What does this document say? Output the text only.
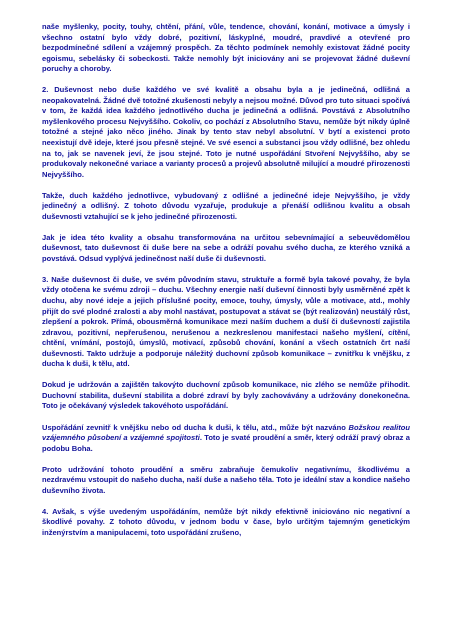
naše myšlenky, pocity, touhy, chtění, přání, vůle, tendence, chování, konání, motivace a úmysly i všechno ostatní bylo vždy dobré, pozitivní, láskyplné, moudré, pravdivé a otevřené pro bezpodmínečné sdílení a vzájemný prospěch. Za těchto podmínek nemohly existovat žádné pocity egoismu, sebelásky či sobeckosti. Takže nemohly být iniciovány ani se projevovat žádné duševní poruchy a choroby.

2. Duševnost nebo duše každého ve své kvalitě a obsahu byla a je jedinečná, odlišná a neopakovatelná. Žádné dvě totožné zkušenosti nebyly a nejsou možné. Důvod pro tuto situaci spočívá v tom, že každá idea každého jednotlivého ducha je jedinečná a odlišná. Povstává z Absolutního myšlenkového procesu Nejvyššího. Cokoliv, co pochází z Absolutního Stavu, nemůže být nikdy úplně totožné a stejné jako něco jiného. Jinak by tento stav nebyl absolutní. V bytí a existenci proto neexistují dvě ideje, které jsou přesně stejné. Ve své esenci a substanci jsou vždy odlišné, bez ohledu na to, jak se navenek jeví, že jsou stejné. Toto je nutné uspořádání Stvoření Nejvyššího, aby se produkovaly nekonečné variace a varianty procesů a projevů absolutně milující a moudré přirozenosti Nejvyššího.

Takže, duch každého jednotlivce, vybudovaný z odlišné a jedinečné ideje Nejvyššího, je vždy jedinečný a odlišný. Z tohoto důvodu vyzařuje, produkuje a přenáší odlišnou kvalitu a obsah duševnosti vztahující se k jeho jedinečné přirozenosti.

Jak je idea této kvality a obsahu transformována na určitou sebevnímající a sebeuvědomělou duševnost, tato duševnost či duše bere na sebe a odráží povahu svého ducha, ze kterého vzniká a povstává. Odsud vyplývá jedinečnost naší duše či duševnosti.

3. Naše duševnost či duše, ve svém původním stavu, struktuře a formě byla takové povahy, že byla vždy otočena ke svému zdroji – duchu. Všechny energie naší duševní činnosti byly usměrněné zpět k duchu, aby nové ideje a jejich příslušné pocity, emoce, touhy, úmysly, vůle a motivace, atd., mohly přijít do své plodné zralosti a aby mohl nastávat, postupovat a stávat se (být realizován) neustálý růst, zlepšení a pokrok. Přímá, obousměrná komunikace mezi naším duchem a duší či duševností zajistila zdravou, pozitivní, nepřerušenou, nerušenou a nezkreslenou manifestaci našeho myšlení, cítění, chtění, vnímání, postojů, úmyslů, motivací, způsobů chování, konání a všech ostatních črt naší duševnosti. Takto udržuje a podporuje náležitý duchovní způsob komunikace – zvnitřku k vnějšku, z ducha k duši, k tělu, atd.

Dokud je udržován a zajištěn takovýto duchovní způsob komunikace, nic zlého se nemůže přihodit. Duchovní stabilita, duševní stabilita a dobré zdraví by byly zachovávány a udržovány donekonečna. Toto je očekávaný výsledek takovéhoto uspořádání.

Uspořádání zevnitř k vnějšku nebo od ducha k duši, k tělu, atd., může být nazváno Božskou realitou vzájemného působení a vzájemné spojitosti. Toto je svaté proudění a směr, který odráží pravý obraz a podobu Boha.

Proto udržování tohoto proudění a směru zabraňuje čemukoliv negativnímu, škodlivému a nezdravému vstoupit do našeho ducha, naší duše a našeho těla. Toto je ideální stav a kondice našeho duševního života.

4. Avšak, s výše uvedeným uspořádáním, nemůže být nikdy efektivně iniciováno nic negativní a škodlivé povahy. Z tohoto důvodu, v jednom bodu v čase, bylo určitým tajemným genetickým inženýrstvím a manipulacemi, toto uspořádání zrušeno,
